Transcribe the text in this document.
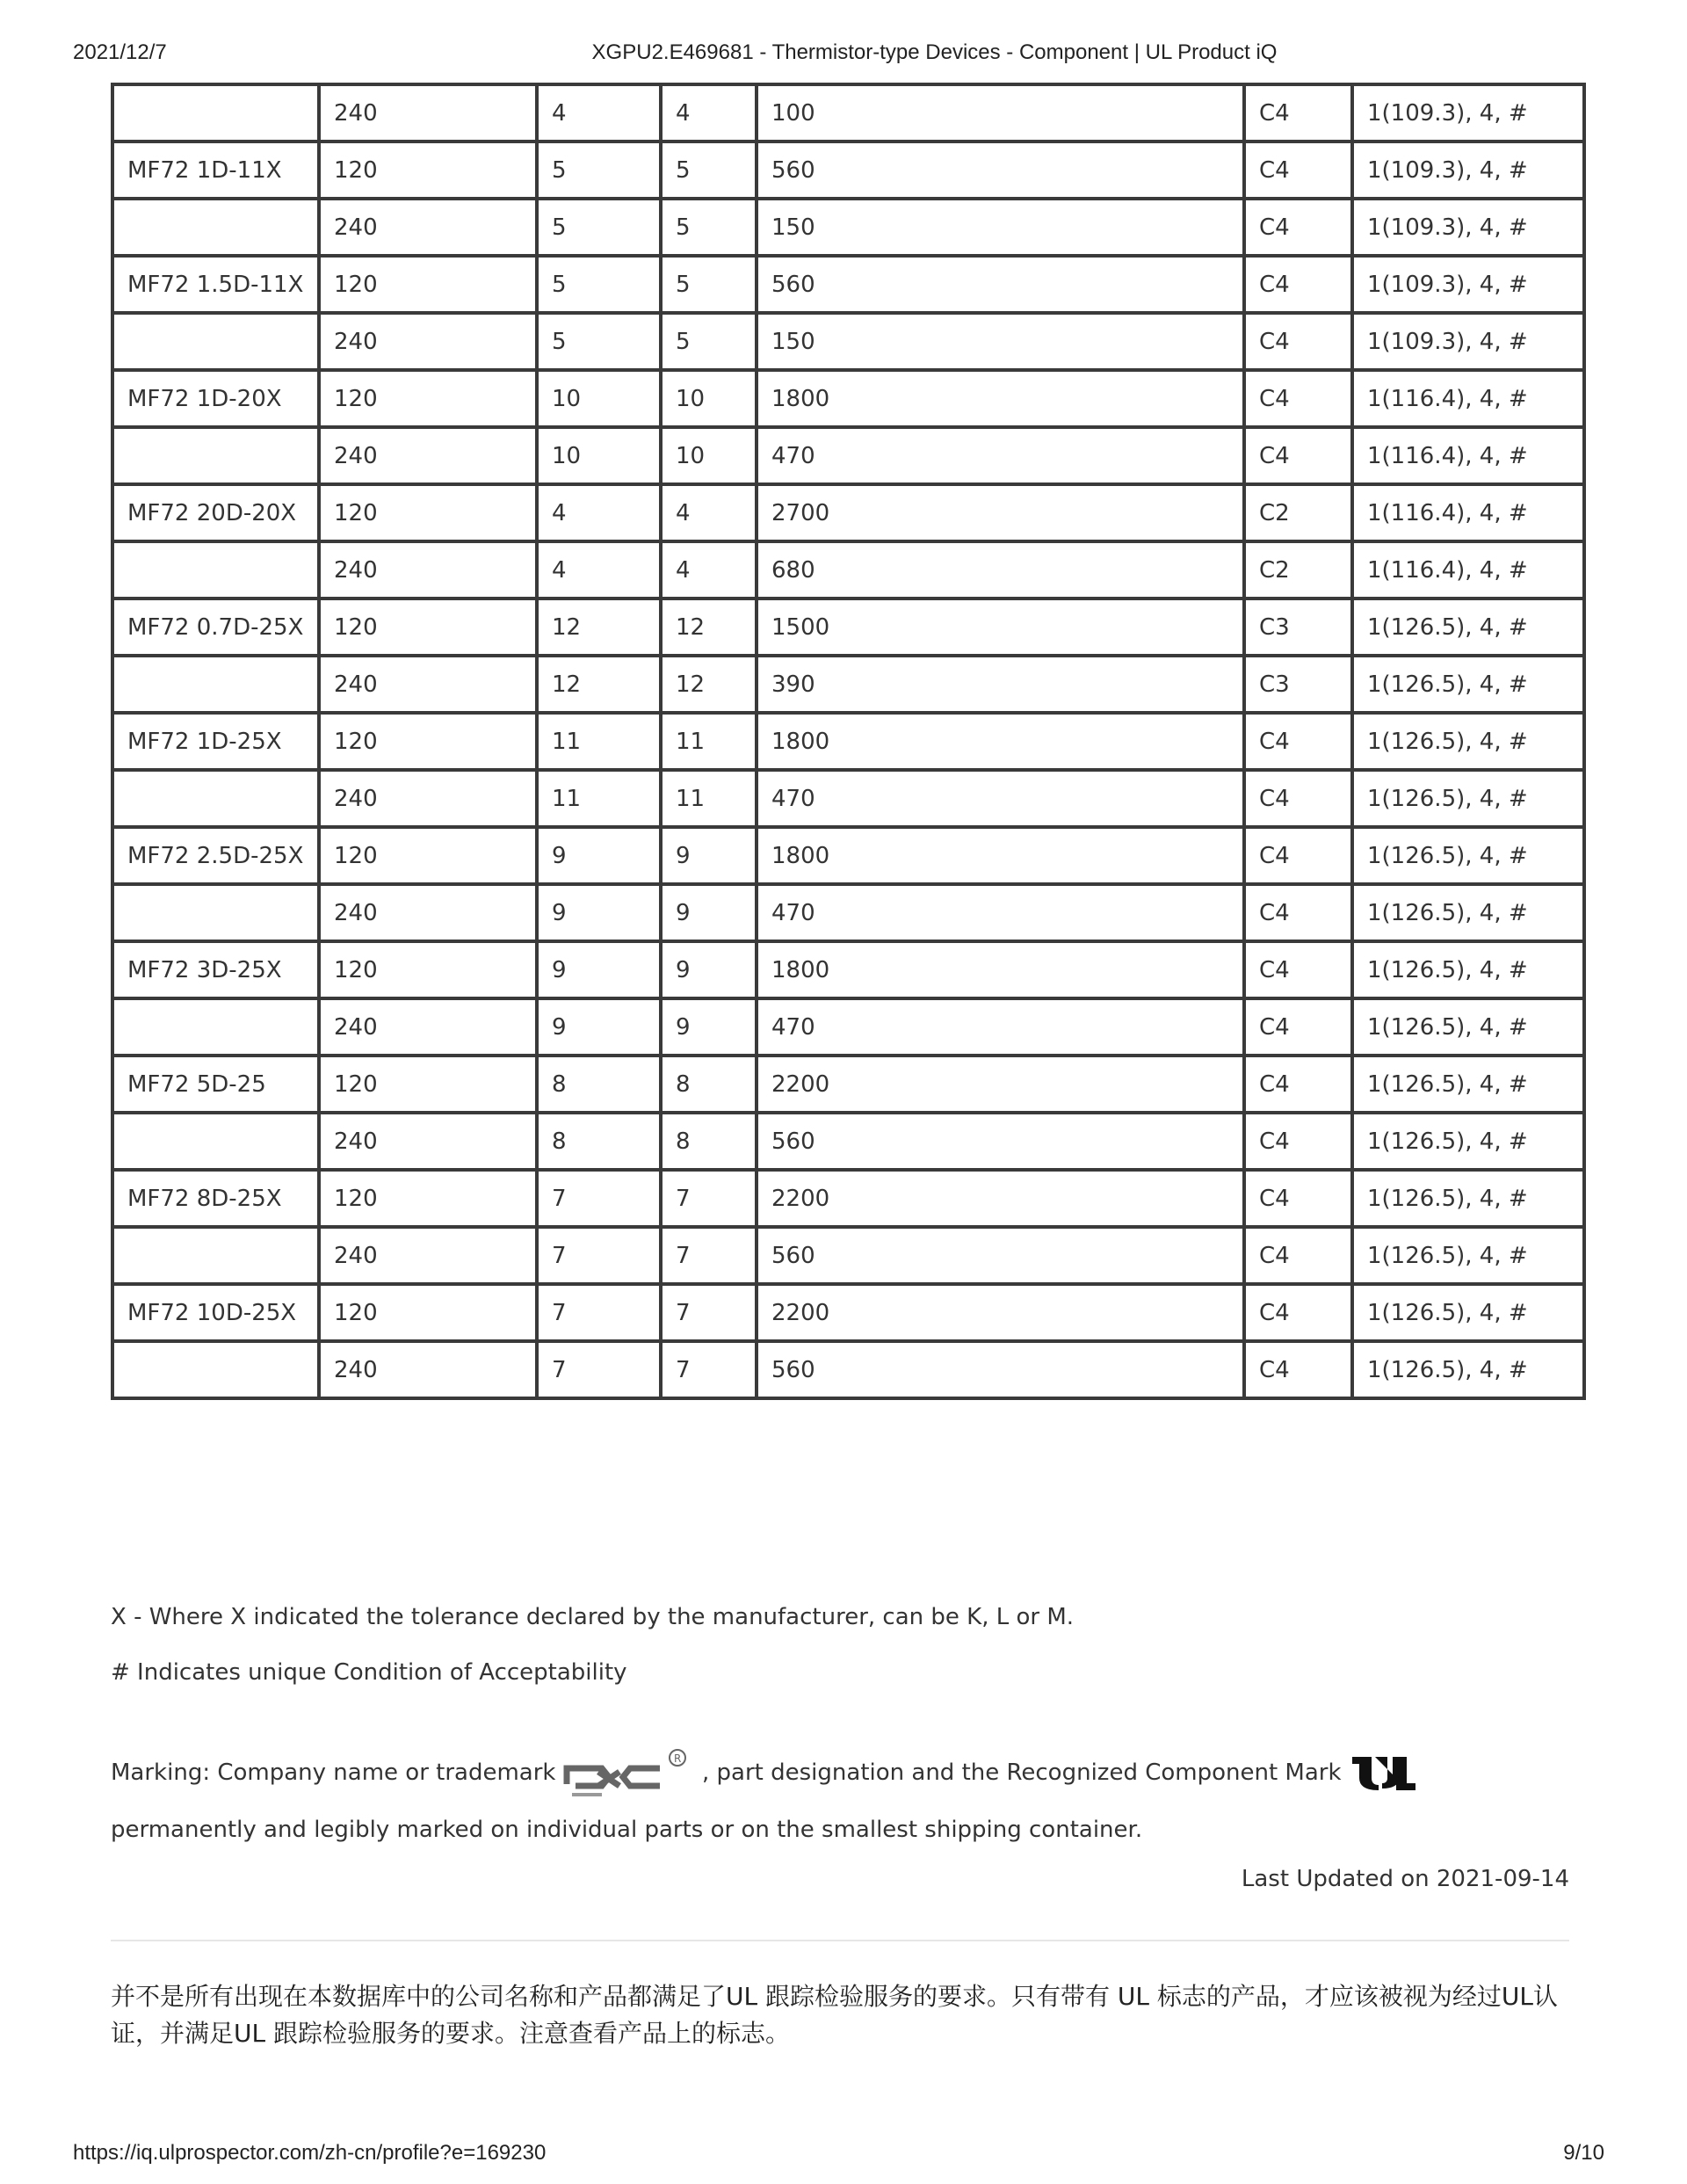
2021/12/7	XGPU2.E469681 - Thermistor-type Devices - Component | UL Product iQ
	240	4	4	100	C4	1(109.3), 4, #
MF72 1D-11X	120	5	5	560	C4	1(109.3), 4, #
	240	5	5	150	C4	1(109.3), 4, #
MF72 1.5D-11X	120	5	5	560	C4	1(109.3), 4, #
	240	5	5	150	C4	1(109.3), 4, #
MF72 1D-20X	120	10	10	1800	C4	1(116.4), 4, #
	240	10	10	470	C4	1(116.4), 4, #
MF72 20D-20X	120	4	4	2700	C2	1(116.4), 4, #
	240	4	4	680	C2	1(116.4), 4, #
MF72 0.7D-25X	120	12	12	1500	C3	1(126.5), 4, #
	240	12	12	390	C3	1(126.5), 4, #
MF72 1D-25X	120	11	11	1800	C4	1(126.5), 4, #
	240	11	11	470	C4	1(126.5), 4, #
MF72 2.5D-25X	120	9	9	1800	C4	1(126.5), 4, #
	240	9	9	470	C4	1(126.5), 4, #
MF72 3D-25X	120	9	9	1800	C4	1(126.5), 4, #
	240	9	9	470	C4	1(126.5), 4, #
MF72 5D-25	120	8	8	2200	C4	1(126.5), 4, #
	240	8	8	560	C4	1(126.5), 4, #
MF72 8D-25X	120	7	7	2200	C4	1(126.5), 4, #
	240	7	7	560	C4	1(126.5), 4, #
MF72 10D-25X	120	7	7	2200	C4	1(126.5), 4, #
	240	7	7	560	C4	1(126.5), 4, #
X - Where X indicated the tolerance declared by the manufacturer, can be K, L or M.
# Indicates unique Condition of Acceptability
Marking: Company name or trademark
R
, part designation and the Recognized Component Mark  permanently and legibly marked on individual parts or on the smallest shipping container.
Last Updated on 2021-09-14
并不是所有出现在本数据库中的公司名称和产品都满足了UL 跟踪检验服务的要求。只有带有 UL 标志的产品，才应该被视为经过UL认证，并满足UL 跟踪检验服务的要求。注意查看产品上的标志。
https://iq.ulprospector.com/zh-cn/profile?e=169230	9/10
